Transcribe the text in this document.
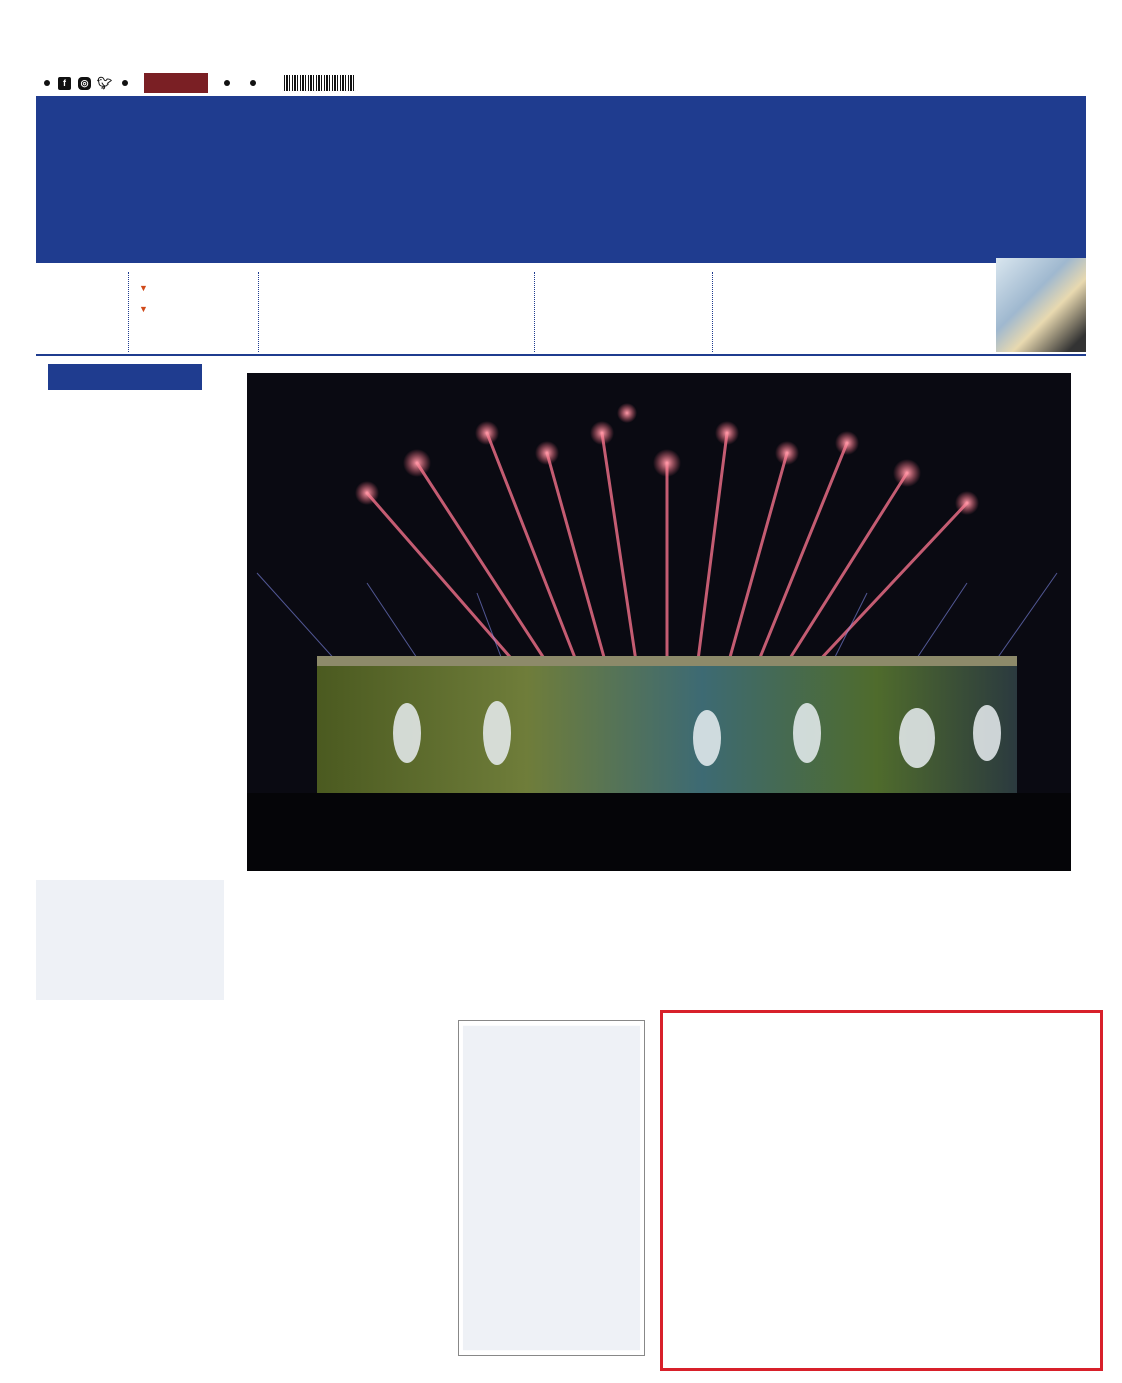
f	◎ 🐦︎
▼
▼
